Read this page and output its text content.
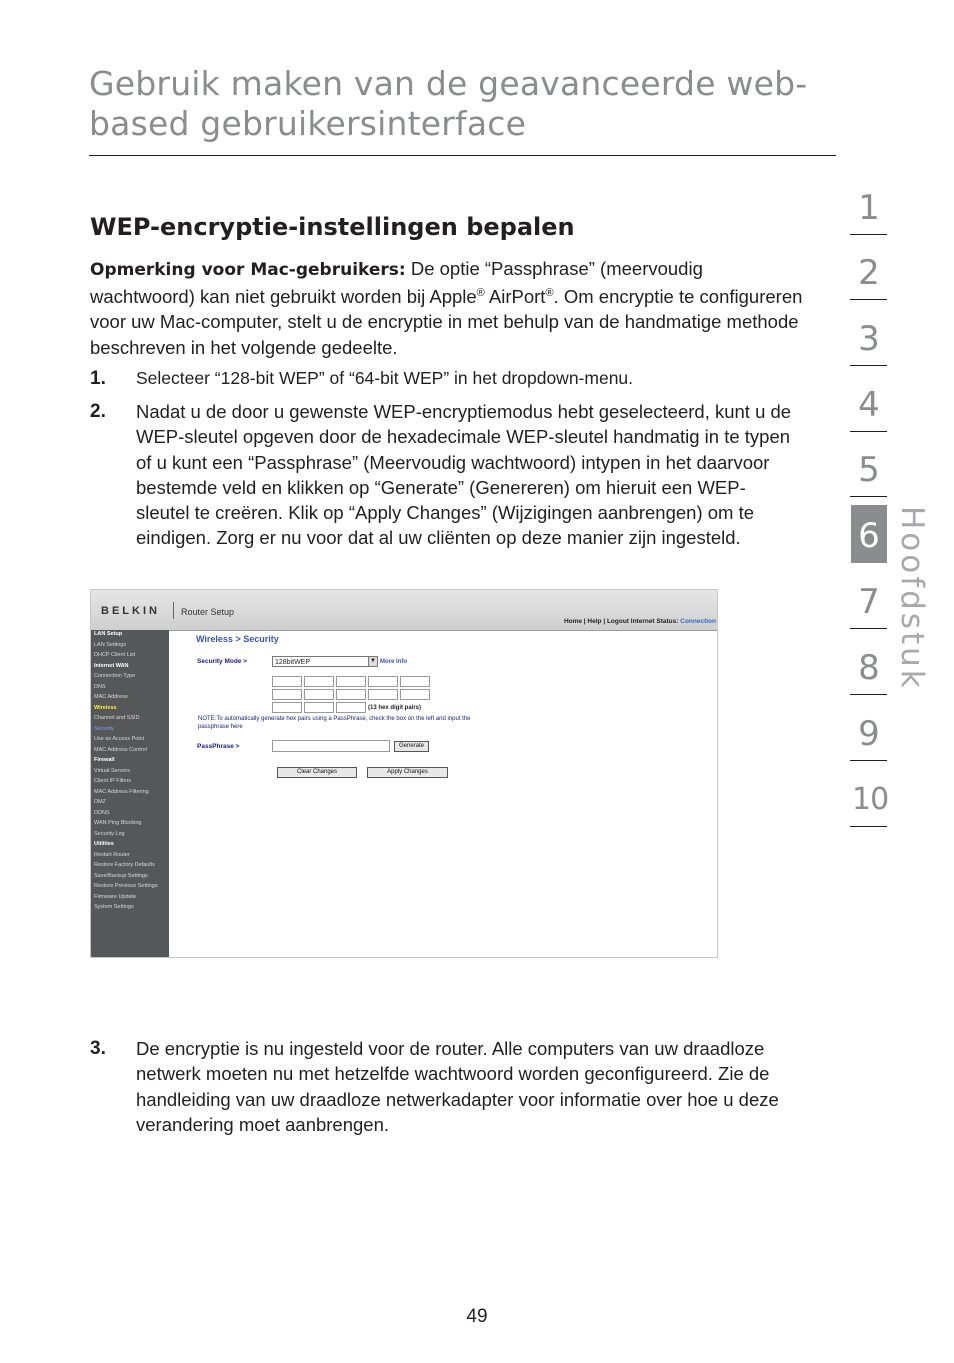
Gebruik maken van de geavanceerde web-based gebruikersinterface
WEP-encryptie-instellingen bepalen

Opmerking voor Mac-gebruikers: De optie “Passphrase” (meervoudig wachtwoord) kan niet gebruikt worden bij Apple® AirPort®. Om encryptie te configureren voor uw Mac-computer, stelt u de encryptie in met behulp van de handmatige methode beschreven in het volgende gedeelte.

1. Selecteer “128-bit WEP” of “64-bit WEP” in het dropdown-menu.
2. Nadat u de door u gewenste WEP-encryptiemodus hebt geselecteerd, kunt u de WEP-sleutel opgeven door de hexadecimale WEP-sleutel handmatig in te typen of u kunt een “Passphrase” (Meervoudig wachtwoord) intypen in het daarvoor bestemde veld en klikken op “Generate” (Genereren) om hieruit een WEP-sleutel te creëren. Klik op “Apply Changes” (Wijzigingen aanbrengen) om te eindigen. Zorg er nu voor dat al uw cliënten op deze manier zijn ingesteld.
BELKIN Router Setup
Home | Help | Logout Internet Status: Connection
LAN Setup
LAN Settings
DHCP Client List
Internet WAN
Connection Type
DNS
MAC Address
Wireless
Channel and SSID
Security
Use as Access Point
MAC Address Control
Firewall
Virtual Servers
Client IP Filters
MAC Address Filtering
DMZ
DDNS
WAN Ping Blocking
Security Log
Utilities
Restart Router
Restore Factory Defaults
Save/Backup Settings
Restore Previous Settings
Firmware Update
System Settings
Wireless > Security
Security Mode >	128bitWEP	▼ More Info
(13 hex digit pairs)
NOTE:To automatically generate hex pairs using a PassPhrase, check the box on the left and input the passphrase here
PassPhrase >	Generate
Clear Changes	Apply Changes
3. De encryptie is nu ingesteld voor de router. Alle computers van uw draadloze netwerk moeten nu met hetzelfde wachtwoord worden geconfigureerd. Zie de handleiding van uw draadloze netwerkadapter voor informatie over hoe u deze verandering moet aanbrengen.
1
2
3
4
5
6
7
8
9
10
Hoofdstuk
49
